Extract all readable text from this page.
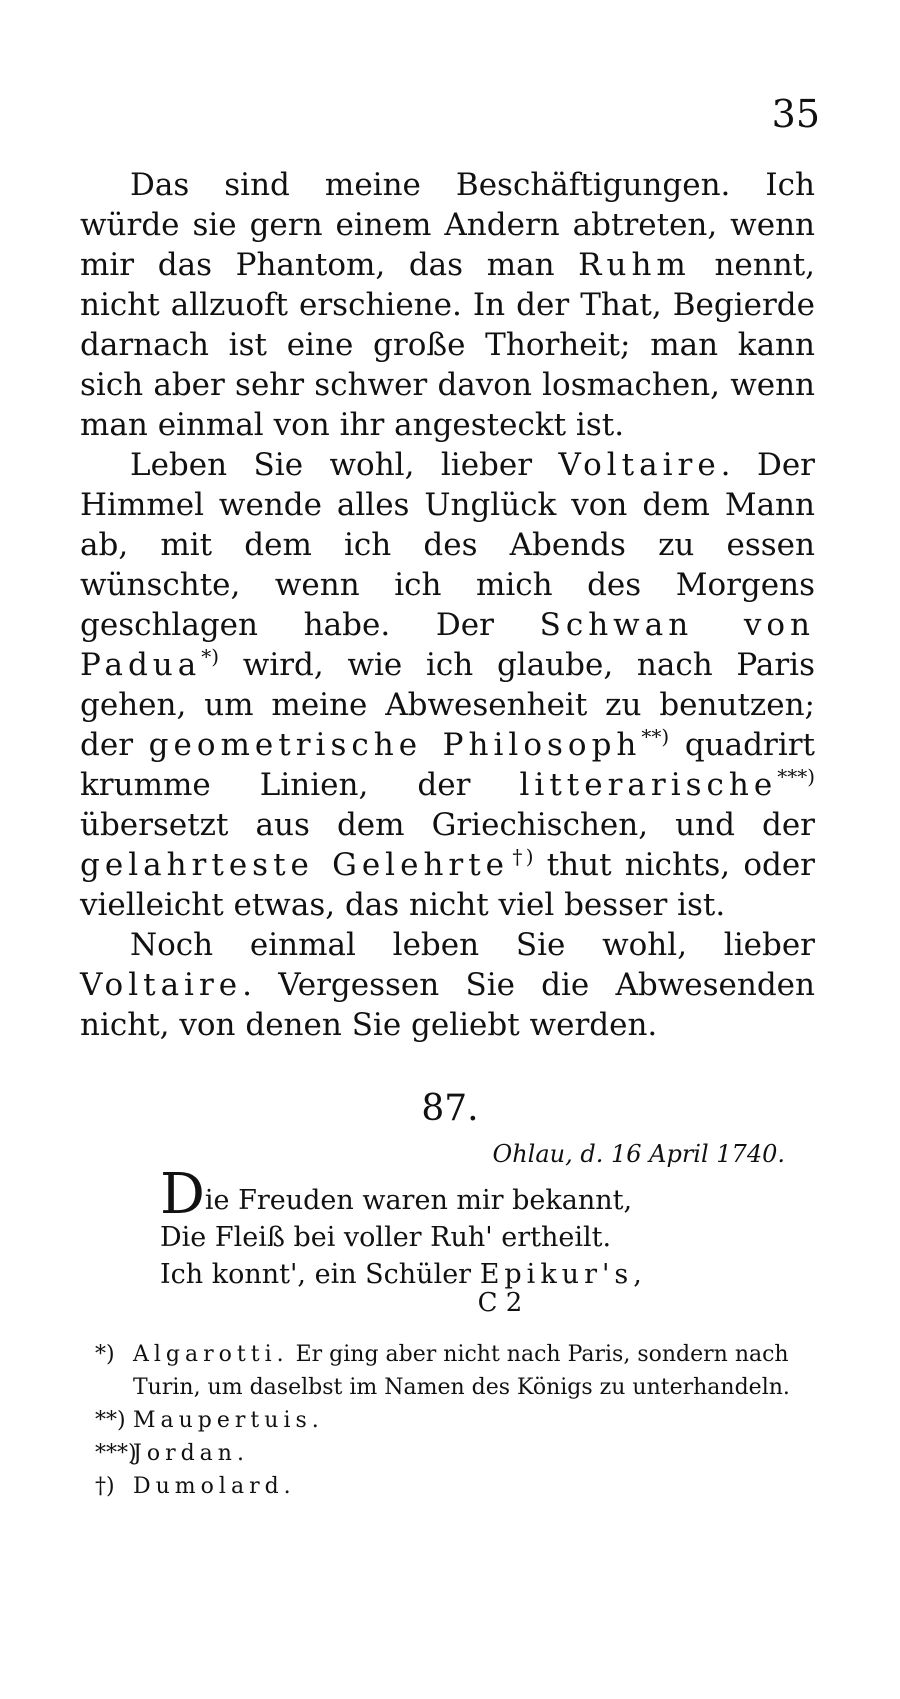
35

Das sind meine Beschäftigungen. Ich würde sie gern einem Andern abtreten, wenn mir das Phantom, das man Ruhm nennt, nicht allzuoft erschiene. In der That, Begierde darnach ist eine große Thorheit; man kann sich aber sehr schwer davon losmachen, wenn man einmal von ihr angesteckt ist.

Leben Sie wohl, lieber Voltaire. Der Himmel wende alles Unglück von dem Mann ab, mit dem ich des Abends zu essen wünschte, wenn ich mich des Morgens geschlagen habe. Der Schwan von Padua*) wird, wie ich glaube, nach Paris gehen, um meine Abwesenheit zu benutzen; der geometrische Philosoph**) quadrirt krumme Linien, der litterarische***) übersetzt aus dem Griechischen, und der gelahrteste Gelehrte†) thut nichts, oder vielleicht etwas, das nicht viel besser ist.

Noch einmal leben Sie wohl, lieber Voltaire. Vergessen Sie die Abwesenden nicht, von denen Sie geliebt werden.

87.
Ohlau, d. 16 April 1740.
Die Freuden waren mir bekannt,
Die Fleiß bei voller Ruh' ertheilt.
Ich konnt', ein Schüler Epikur's,
C 2
*) Algarotti. Er ging aber nicht nach Paris, sondern nach Turin, um daselbst im Namen des Königs zu unterhandeln.
**) Maupertuis.
***)
Jordan.
†) Dumolard.
